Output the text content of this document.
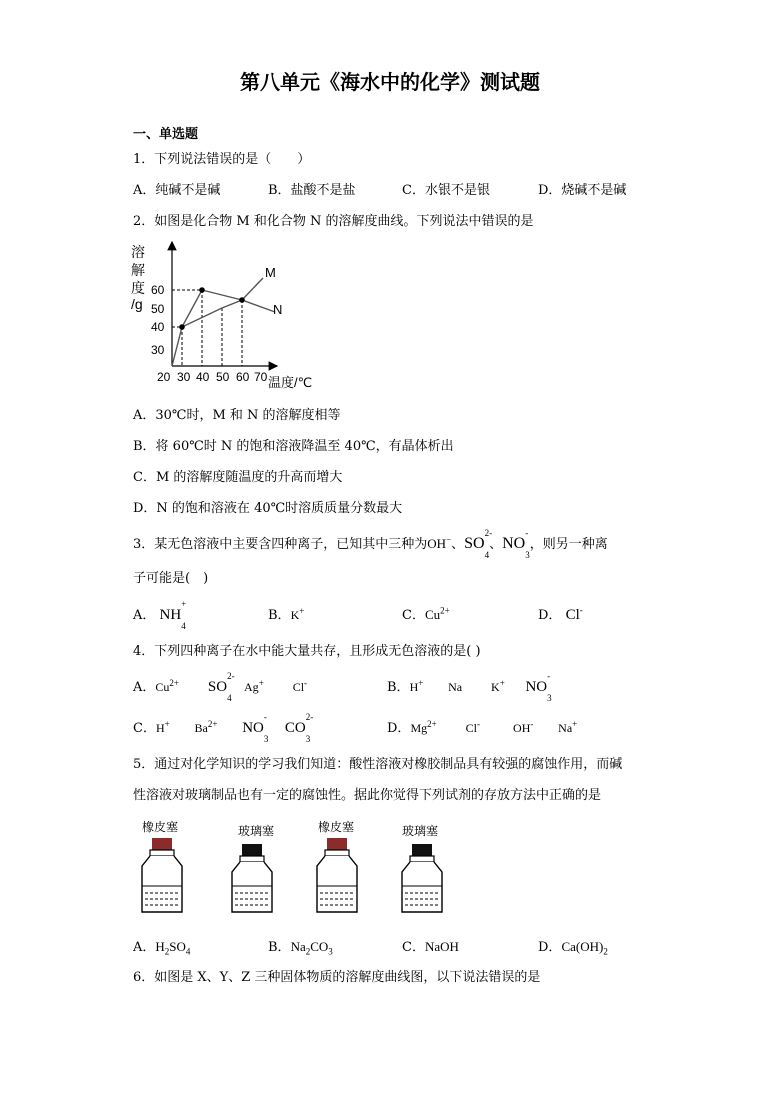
第八单元《海水中的化学》测试题
一、单选题
1．下列说法错误的是（　　）
A．纯碱不是碱	B．盐酸不是盐	C．水银不是银	D．烧碱不是碱
2．如图是化合物 M 和化合物 N 的溶解度曲线。下列说法中错误的是
溶
解
度
/g
60
50
40
30
20 30 40 50 60 70 温度/℃
M
N
A．30℃时，M 和 N 的溶解度相等
B．将 60℃时 N 的饱和溶液降温至 40℃，有晶体析出
C．M 的溶解度随温度的升高而增大
D．N 的饱和溶液在 40℃时溶质质量分数最大
3．某无色溶液中主要含四种离子，已知其中三种为OH−、SO
2-
$_4$、NO
-
$_3$，则另一种离
子可能是(　)
A． NH
+
$_4$
B．K+	C．$Cu^{2+}$	D． Cl-
4．下列四种离子在水中能大量共存，且形成无色溶液的是( )
A．$Cu^{2+}$ SO
2-
$_4$   Ag+ Cl-	B．H+ Na K+ NO
-
$_3$
C．H+ $Ba^{2+}$ NO
-
$_3$    CO
2-
$_3$
D．$Mg^{2+}$ Cl-	OH- Na+
5．通过对化学知识的学习我们知道：酸性溶液对橡胶制品具有较强的腐蚀作用，而碱
性溶液对玻璃制品也有一定的腐蚀性。据此你觉得下列试剂的存放方法中正确的是
橡皮塞	玻璃塞	橡皮塞	玻璃塞
A．$H_2SO_4$	B．$Na_2CO_3$	C．NaOH	D．$Ca(OH)_2$
6．如图是 X、Y、Z 三种固体物质的溶解度曲线图，以下说法错误的是
